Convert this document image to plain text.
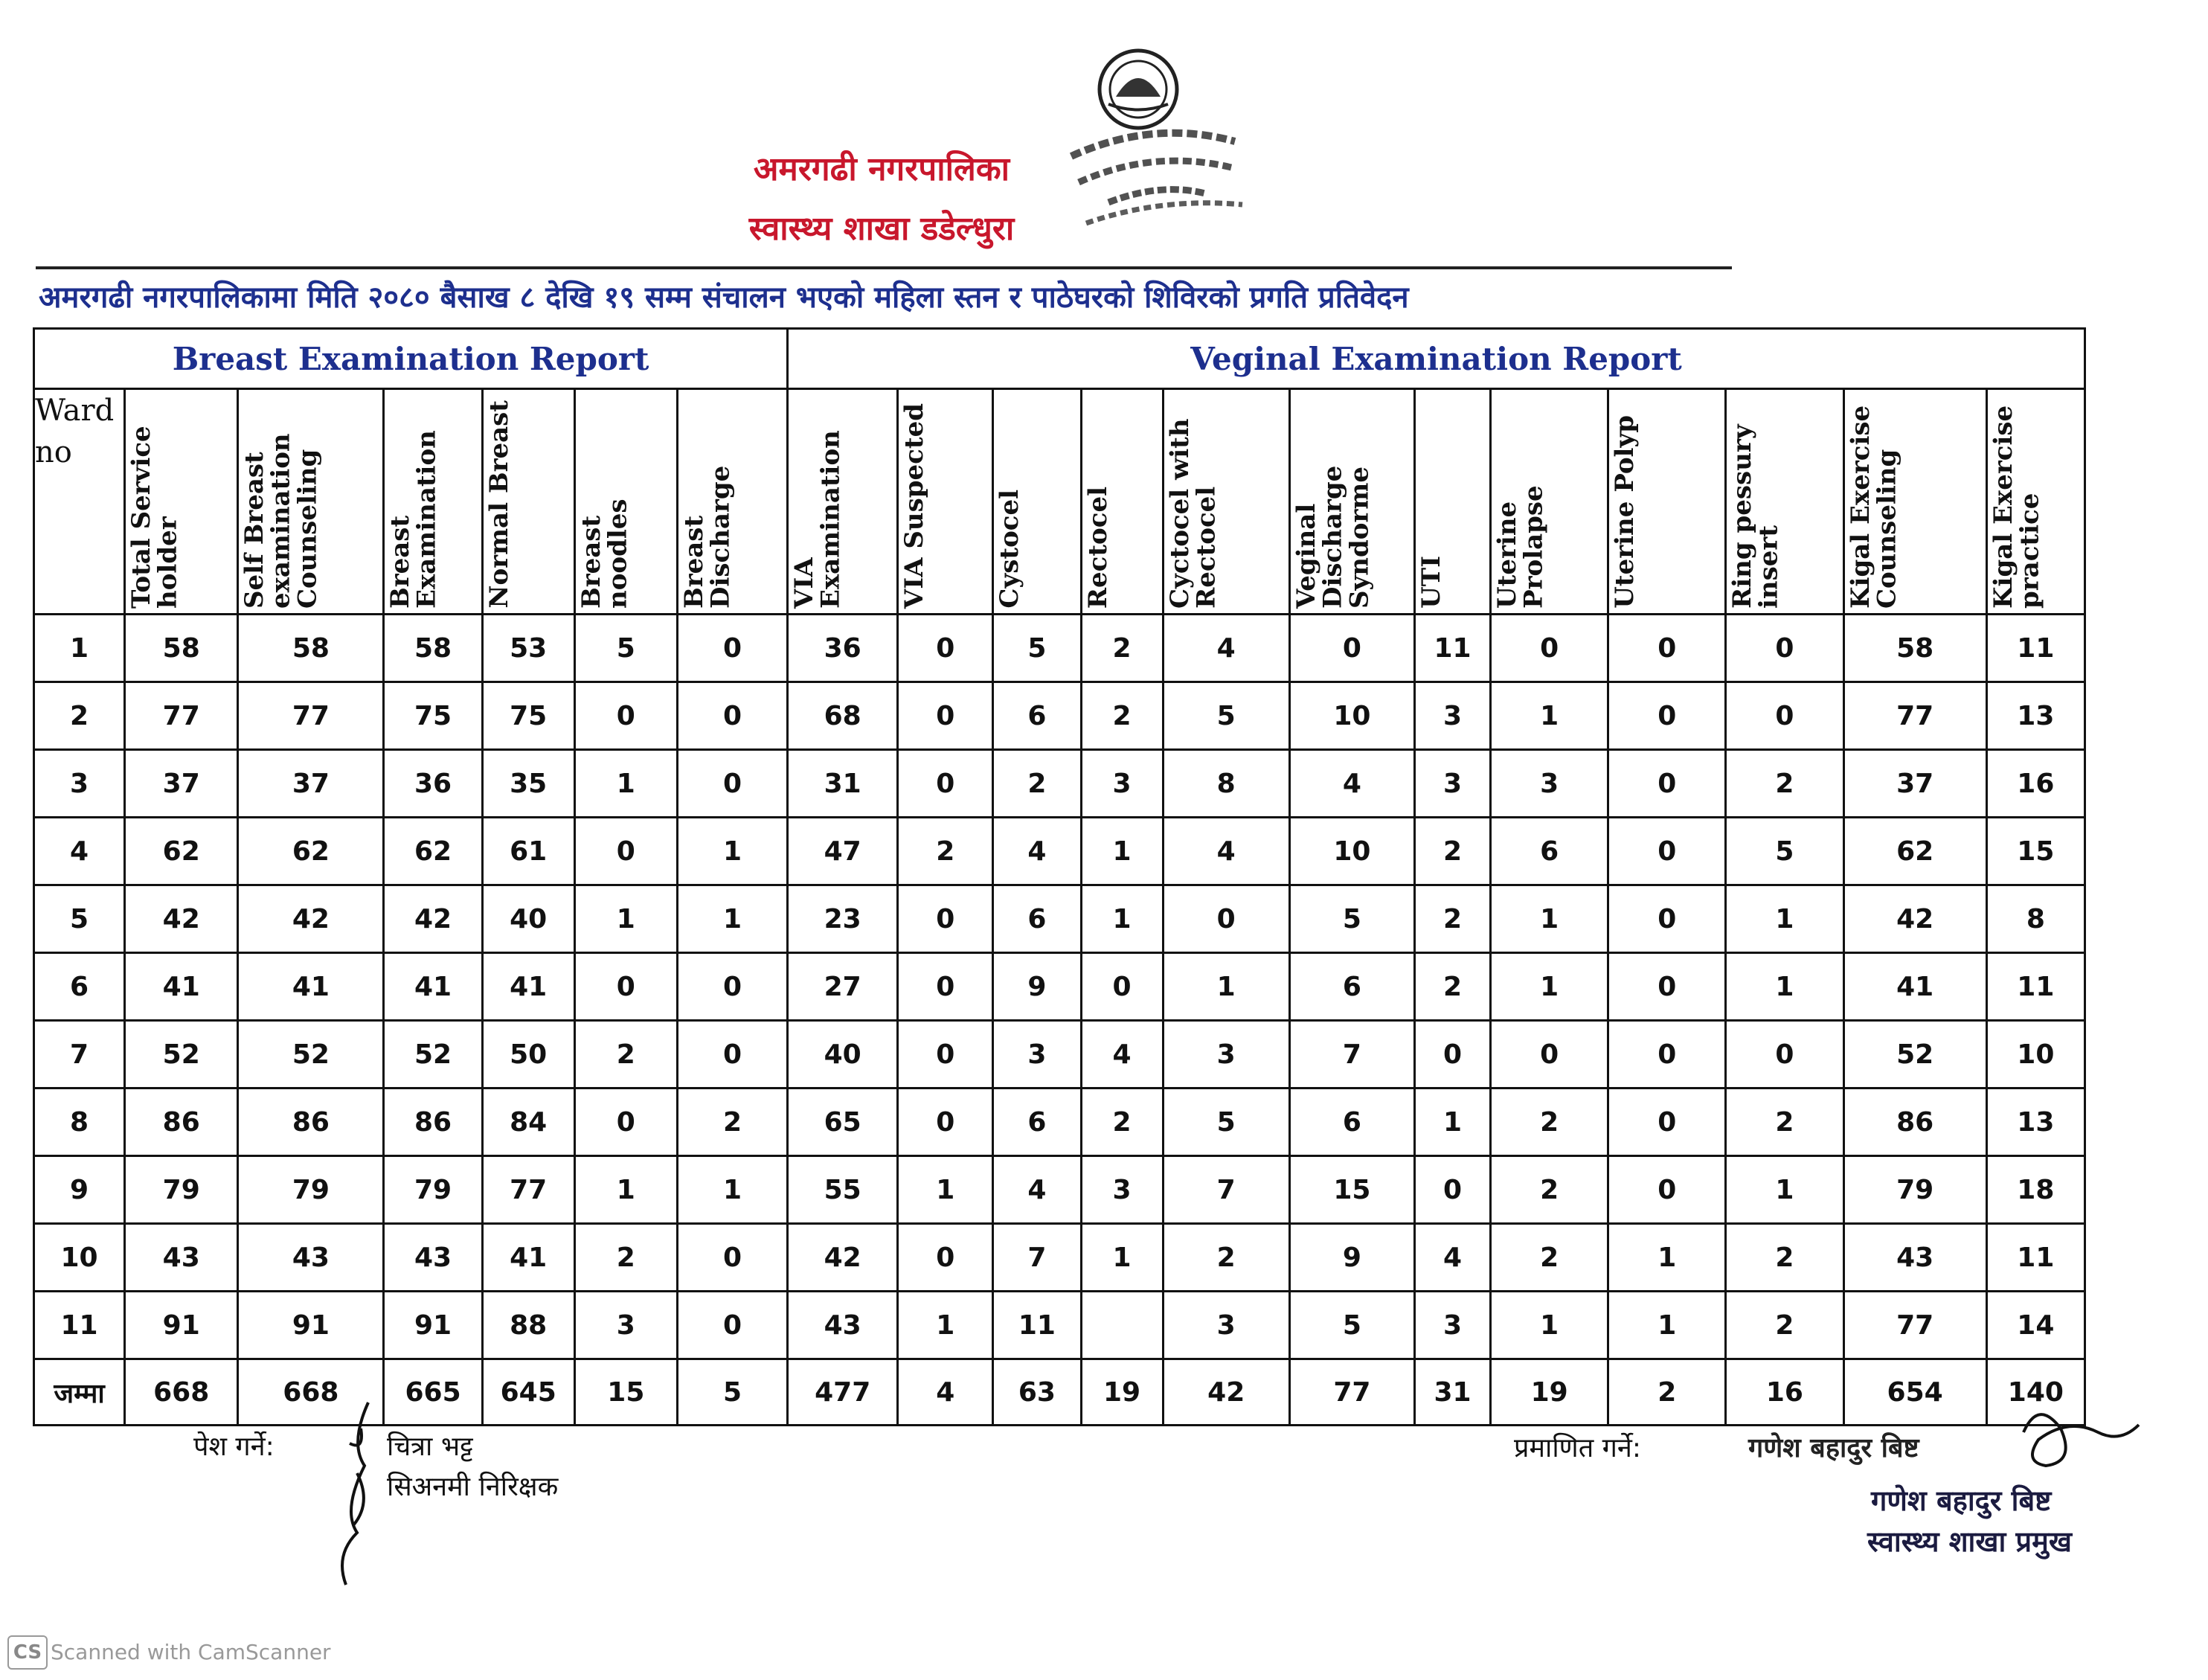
अमरगढी नगरपालिका
स्वास्थ्य शाखा डडेल्धुरा
अमरगढी नगरपालिकामा मिति २०८० बैसाख ८ देखि १९ सम्म संचालन भएको महिला स्तन र पाठेघरको शिविरको प्रगति प्रतिवेदन
Breast Examination Report							Veginal Examination Report											
Ward no	Total Service holder	Self Breast examination Counseling	Breast Examination	Normal Breast	Breast noodles	Breast Discharge	VIA Examination	VIA Suspected	Cystocel	Rectocel	Cyctocel with Rectocel	Veginal Discharge Syndorme	UTI	Uterine Prolapse	Uterine Polyp	Ring pessury insert	Kigal Exercise Counseling	Kigal Exercise practice

1	58	58	58	53	5	0	36	0	5	2	4	0	11	0	0	0	58	11
2	77	77	75	75	0	0	68	0	6	2	5	10	3	1	0	0	77	13
3	37	37	36	35	1	0	31	0	2	3	8	4	3	3	0	2	37	16
4	62	62	62	61	0	1	47	2	4	1	4	10	2	6	0	5	62	15
5	42	42	42	40	1	1	23	0	6	1	0	5	2	1	0	1	42	8
6	41	41	41	41	0	0	27	0	9	0	1	6	2	1	0	1	41	11
7	52	52	52	50	2	0	40	0	3	4	3	7	0	0	0	0	52	10
8	86	86	86	84	0	2	65	0	6	2	5	6	1	2	0	2	86	13
9	79	79	79	77	1	1	55	1	4	3	7	15	0	2	0	1	79	18
10	43	43	43	41	2	0	42	0	7	1	2	9	4	2	1	2	43	11
11	91	91	91	88	3	0	43	1	11		3	5	3	1	1	2	77	14
जम्मा	668	668	665	645	15	5	477	4	63	19	42	77	31	19	2	16	654	140
पेश गर्ने:	चित्रा भट्ट
सिअनमी निरिक्षक
प्रमाणित गर्ने:	गणेश बहादुर बिष्ट
गणेश बहादुर बिष्ट
स्वास्थ्य शाखा प्रमुख
CS Scanned with CamScanner
